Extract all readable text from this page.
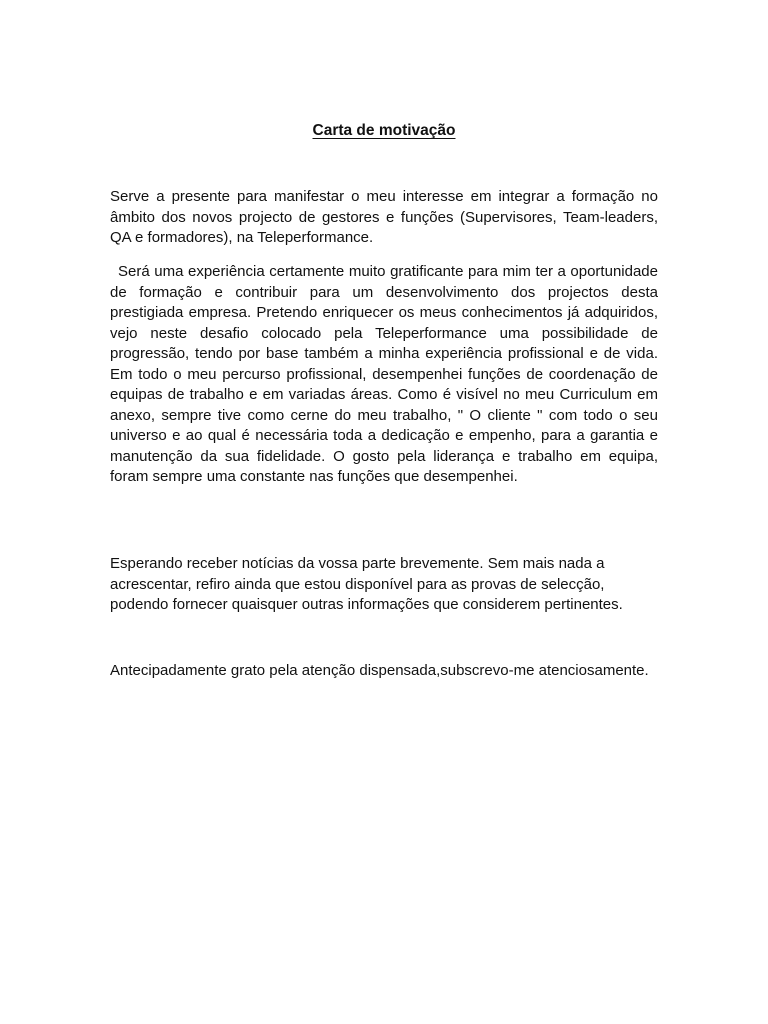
Carta de motivação

Serve a presente para manifestar o meu interesse em integrar a formação no âmbito dos novos projecto de gestores e funções (Supervisores, Team-leaders, QA e formadores), na Teleperformance.

Será uma experiência certamente muito gratificante para mim ter a oportunidade de formação e contribuir para um desenvolvimento dos projectos desta prestigiada empresa. Pretendo enriquecer os meus conhecimentos já adquiridos, vejo neste desafio colocado pela Teleperformance uma possibilidade de progressão, tendo por base também a minha experiência profissional e de vida. Em todo o meu percurso profissional, desempenhei funções de coordenação de equipas de trabalho e em variadas áreas. Como é visível no meu Curriculum em anexo, sempre tive como cerne do meu trabalho, " O cliente " com todo o seu universo e ao qual é necessária toda a dedicação e empenho, para a garantia e manutenção da sua fidelidade. O gosto pela liderança e trabalho em equipa, foram sempre uma constante nas funções que desempenhei.

Esperando receber notícias da vossa parte brevemente. Sem mais nada a acrescentar, refiro ainda que estou disponível para as provas de selecção, podendo fornecer quaisquer outras informações que considerem pertinentes.

Antecipadamente grato pela atenção dispensada,subscrevo-me atenciosamente.
